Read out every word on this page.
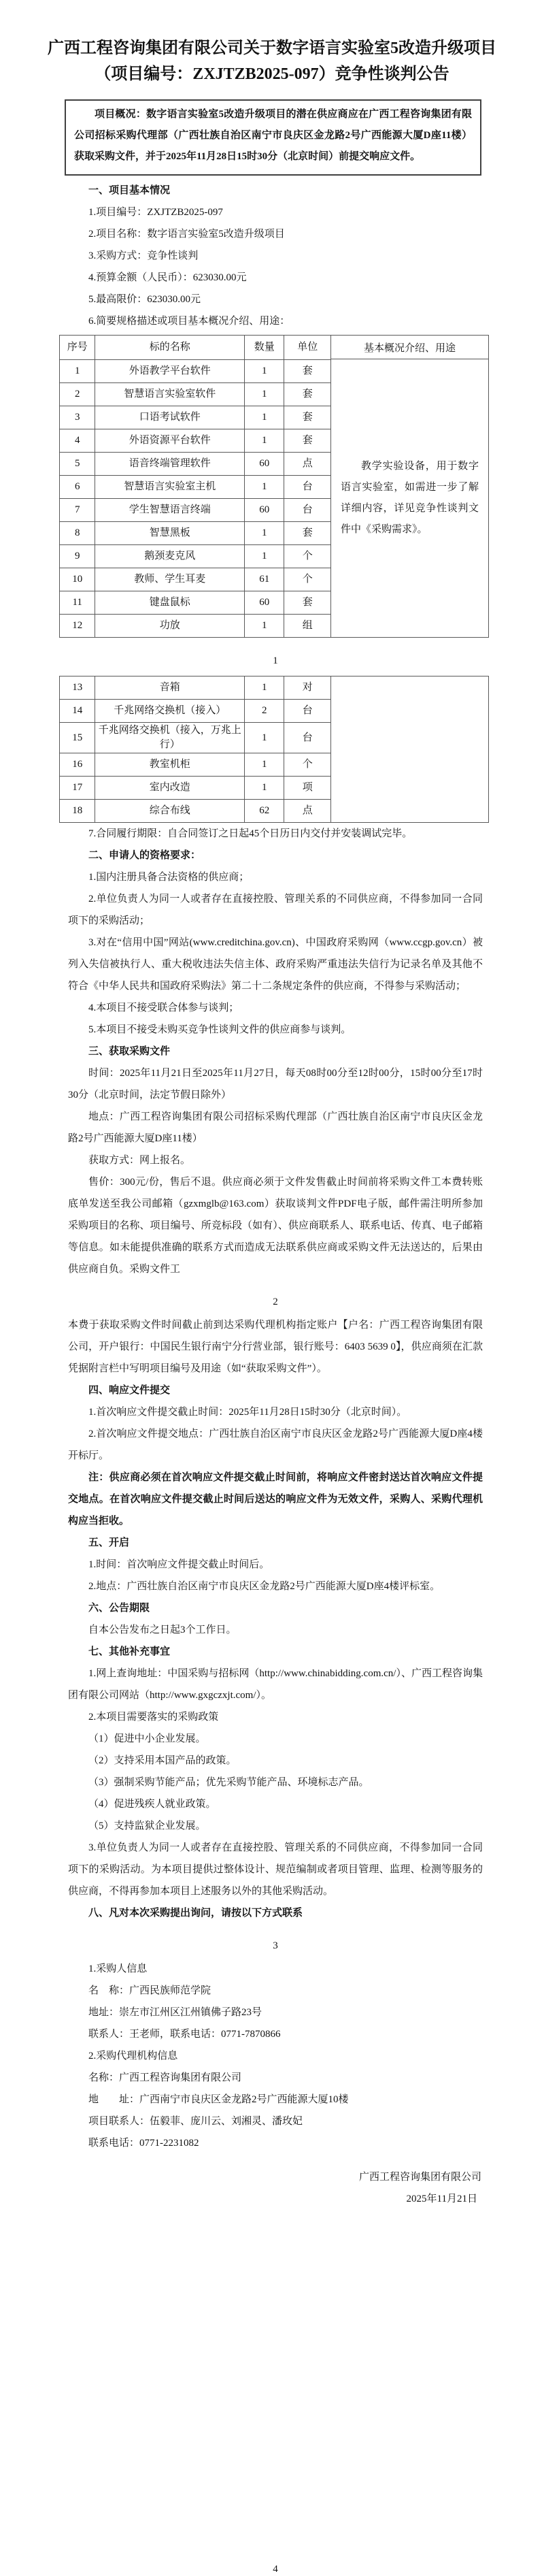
广西工程咨询集团有限公司关于数字语言实验室5改造升级项目
（项目编号：ZXJTZB2025-097）竞争性谈判公告
项目概况：数字语言实验室5改造升级项目的潜在供应商应在广西工程咨询集团有限公司招标采购代理部（广西壮族自治区南宁市良庆区金龙路2号广西能源大厦D座11楼）获取采购文件，并于2025年11月28日15时30分（北京时间）前提交响应文件。

一、项目基本情况

1.项目编号：ZXJTZB2025-097

2.项目名称：数字语言实验室5改造升级项目

3.采购方式：竞争性谈判

4.预算金额（人民币）：623030.00元

5.最高限价：623030.00元

6.简要规格描述或项目基本概况介绍、用途：

序号	标的名称	数量	单位
1	外语教学平台软件	1	套
2	智慧语言实验室软件	1	套
3	口语考试软件	1	套
4	外语资源平台软件	1	套
5	语音终端管理软件	60	点
6	智慧语言实验室主机	1	台
7	学生智慧语言终端	60	台
8	智慧黑板	1	套
9	鹅颈麦克风	1	个
10	教师、学生耳麦	61	个
11	键盘鼠标	60	套
12	功放	1	组
基本概况介绍、用途

教学实验设备，用于数字语言实验室，如需进一步了解详细内容，详见竞争性谈判文件中《采购需求》。

1
13	音箱	1	对
14	千兆网络交换机（接入）	2	台
15	千兆网络交换机（接入，万兆上行）	1	台
16	教室机柜	1	个
17	室内改造	1	项
18	综合布线	62	点

7.合同履行期限：自合同签订之日起45个日历日内交付并安装调试完毕。

二、申请人的资格要求：

1.国内注册具备合法资格的供应商；

2.单位负责人为同一人或者存在直接控股、管理关系的不同供应商，不得参加同一合同项下的采购活动；

3.对在“信用中国”网站(www.creditchina.gov.cn)、中国政府采购网（www.ccgp.gov.cn）被列入失信被执行人、重大税收违法失信主体、政府采购严重违法失信行为记录名单及其他不符合《中华人民共和国政府采购法》第二十二条规定条件的供应商，不得参与采购活动；

4.本项目不接受联合体参与谈判；

5.本项目不接受未购买竞争性谈判文件的供应商参与谈判。

三、获取采购文件

时间：2025年11月21日至2025年11月27日，每天08时00分至12时00分，15时00分至17时30分（北京时间，法定节假日除外）

地点：广西工程咨询集团有限公司招标采购代理部（广西壮族自治区南宁市良庆区金龙路2号广西能源大厦D座11楼）

获取方式：网上报名。

售价：300元/份，售后不退。供应商必须于文件发售截止时间前将采购文件工本费转账底单发送至我公司邮箱（gzxmglb@163.com）获取谈判文件PDF电子版，邮件需注明所参加采购项目的名称、项目编号、所竞标段（如有）、供应商联系人、联系电话、传真、电子邮箱等信息。如未能提供准确的联系方式而造成无法联系供应商或采购文件无法送达的，后果由供应商自负。采购文件工

2

本费于获取采购文件时间截止前到达采购代理机构指定账户【户名：广西工程咨询集团有限公司，开户银行：中国民生银行南宁分行营业部，银行账号：6403 5639 0】，供应商须在汇款凭据附言栏中写明项目编号及用途（如“获取采购文件”）。

四、响应文件提交

1.首次响应文件提交截止时间：2025年11月28日15时30分（北京时间）。

2.首次响应文件提交地点：广西壮族自治区南宁市良庆区金龙路2号广西能源大厦D座4楼开标厅。

注：供应商必须在首次响应文件提交截止时间前，将响应文件密封送达首次响应文件提交地点。在首次响应文件提交截止时间后送达的响应文件为无效文件，采购人、采购代理机构应当拒收。

五、开启

1.时间：首次响应文件提交截止时间后。

2.地点：广西壮族自治区南宁市良庆区金龙路2号广西能源大厦D座4楼评标室。

六、公告期限

自本公告发布之日起3个工作日。

七、其他补充事宜

1.网上查询地址：中国采购与招标网（http://www.chinabidding.com.cn/）、广西工程咨询集团有限公司网站（http://www.gxgczxjt.com/）。

2.本项目需要落实的采购政策

（1）促进中小企业发展。

（2）支持采用本国产品的政策。

（3）强制采购节能产品；优先采购节能产品、环境标志产品。

（4）促进残疾人就业政策。

（5）支持监狱企业发展。

3.单位负责人为同一人或者存在直接控股、管理关系的不同供应商，不得参加同一合同项下的采购活动。为本项目提供过整体设计、规范编制或者项目管理、监理、检测等服务的供应商，不得再参加本项目上述服务以外的其他采购活动。

八、凡对本次采购提出询问，请按以下方式联系

3

1.采购人信息

名　称：广西民族师范学院

地址：崇左市江州区江州镇佛子路23号

联系人：王老师，联系电话：0771-7870866

2.采购代理机构信息

名称：广西工程咨询集团有限公司

地　　址：广西南宁市良庆区金龙路2号广西能源大厦10楼

项目联系人：伍毅菲、庞川云、刘湘灵、潘玫妃

联系电话：0771-2231082

广西工程咨询集团有限公司

2025年11月21日

4
